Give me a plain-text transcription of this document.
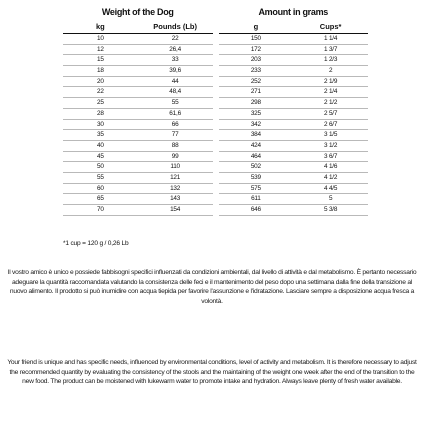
Weight of the Dog			Amount in grams	
kg	Pounds (Lb)		g	Cups*
10	22		150	1 1/4
12	26,4		172	1 3/7
15	33		203	1 2/3
18	39,6		233	2
20	44		252	2 1/9
22	48,4		271	2 1/4
25	55		298	2 1/2
28	61,6		325	2 5/7
30	66		342	2 6/7
35	77		384	3 1/5
40	88		424	3 1/2
45	99		464	3 6/7
50	110		502	4 1/6
55	121		539	4 1/2
60	132		575	4 4/5
65	143		611	5
70	154		646	5 3/8
*1 cup = 120 g / 0,26 Lb
Il vostro amico è unico e possiede fabbisogni specifici influenzati da condizioni ambientali, dal livello di attività e dal metabolismo. È pertanto necessario adeguare la quantità raccomandata valutando la consistenza delle feci e il mantenimento del peso dopo una settimana dalla fine della transizione al nuovo alimento. Il prodotto si può inumidire con acqua tiepida per favorire l'assunzione e l'idratazione. Lasciare sempre a disposizione acqua fresca a volontà.
Your friend is unique and has specific needs, influenced by environmental conditions, level of activity and metabolism. It is therefore necessary to adjust the recommended quantity by evaluating the consistency of the stools and the maintaining of the weight one week after the end of the transition to the new food. The product can be moistened with lukewarm water to promote intake and hydration. Always leave plenty of fresh water available.
